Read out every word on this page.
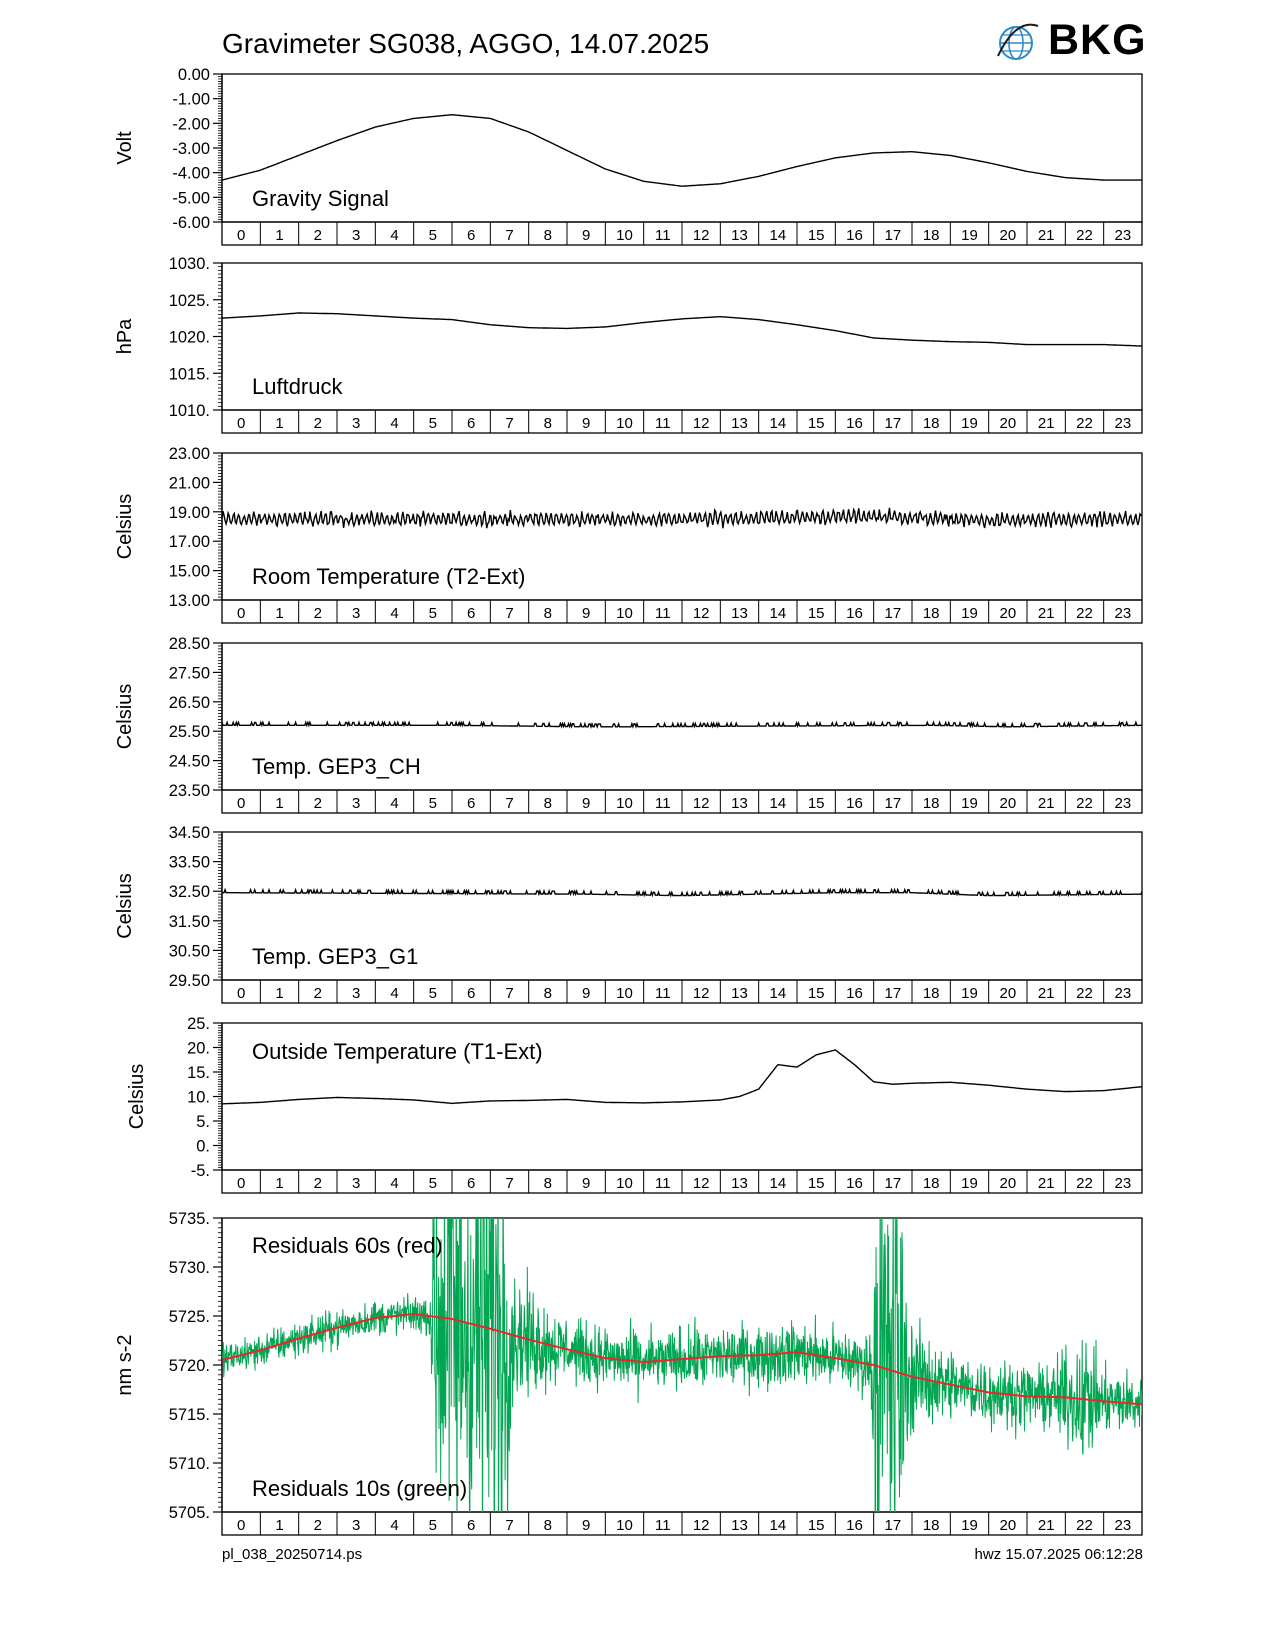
Gravimeter SG038, AGGO, 14.07.2025	BKG
0 1 2 3 4 5 6 7 8 9 10 11 12 13 14 15 16 17 18 19 20 21 22 23
0.00
-1.00
-2.00
-3.00
-4.00
-5.00
-6.00
Volt
Gravity Signal
0 1 2 3 4 5 6 7 8 9 10 11 12 13 14 15 16 17 18 19 20 21 22 23
1030.
1025.
1020.
1015.
1010.
hPa
Luftdruck
0 1 2 3 4 5 6 7 8 9 10 11 12 13 14 15 16 17 18 19 20 21 22 23
23.00
21.00
19.00
17.00
15.00
13.00
Celsius
Room Temperature (T2-Ext)
0 1 2 3 4 5 6 7 8 9 10 11 12 13 14 15 16 17 18 19 20 21 22 23
28.50
27.50
26.50
25.50
24.50
23.50
Celsius
Temp. GEP3_CH
0 1 2 3 4 5 6 7 8 9 10 11 12 13 14 15 16 17 18 19 20 21 22 23
34.50
33.50
32.50
31.50
30.50
29.50
Celsius
Temp. GEP3_G1
0 1 2 3 4 5 6 7 8 9 10 11 12 13 14 15 16 17 18 19 20 21 22 23
25.
20.
15.
10.
5.
0.
-5.
Celsius
Outside Temperature (T1-Ext)
0 1 2 3 4 5 6 7 8 9 10 11 12 13 14 15 16 17 18 19 20 21 22 23
5735.
5730.
5725.
5720.
5715.
5710.
5705.
nm s-2
Residuals 60s (red)
Residuals 10s (green)
pl_038_20250714.ps	hwz 15.07.2025 06:12:28
